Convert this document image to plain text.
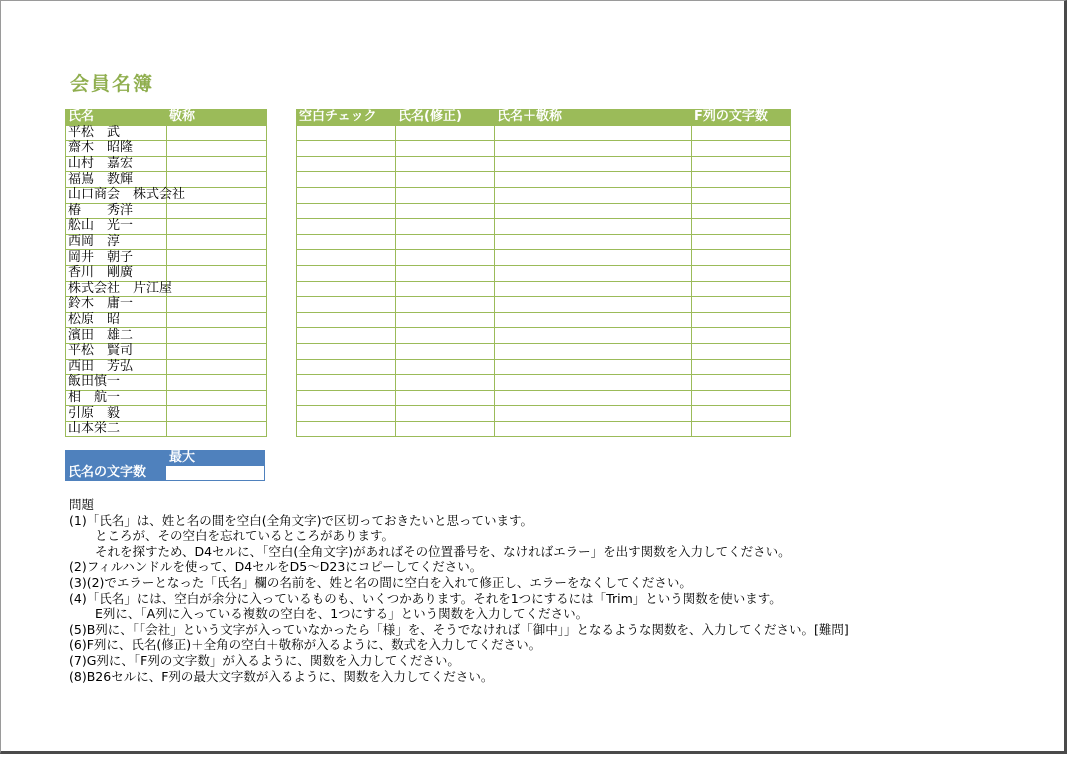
会員名簿
氏名	敬称
平松　武	
齋木　昭隆	
山村　嘉宏	
福嶌　教輝	
山口商会　株式会社	
椿　　秀洋	
舩山　光一	
西岡　淳	
岡井　朝子	
香川　剛廣	
株式会社　片江屋	
鈴木　庸一	
松原　昭	
濱田　雄二	
平松　賢司	
西田　芳弘	
飯田慎一	
相　航一	
引原　毅	
山本栄二	
空白チェック	氏名(修正)	氏名＋敬称	F列の文字数

最大
氏名の文字数
問題
(1)「氏名」は、姓と名の間を空白(全角文字)で区切っておきたいと思っています。
ところが、その空白を忘れているところがあります。
それを探すため、D4セルに、「空白(全角文字)があればその位置番号を、なければエラー」を出す関数を入力してください。
(2)フィルハンドルを使って、D4セルをD5～D23にコピーしてください。
(3)(2)でエラーとなった「氏名」欄の名前を、姓と名の間に空白を入れて修正し、エラーをなくしてください。
(4)「氏名」には、空白が余分に入っているものも、いくつかあります。それを1つにするには「Trim」という関数を使います。
E列に、「A列に入っている複数の空白を、1つにする」という関数を入力してください。
(5)B列に、「「会社」という文字が入っていなかったら「様」を、そうでなければ「御中」」となるような関数を、入力してください。[難問]
(6)F列に、氏名(修正)＋全角の空白＋敬称が入るように、数式を入力してください。
(7)G列に、「F列の文字数」が入るように、関数を入力してください。
(8)B26セルに、F列の最大文字数が入るように、関数を入力してください。
